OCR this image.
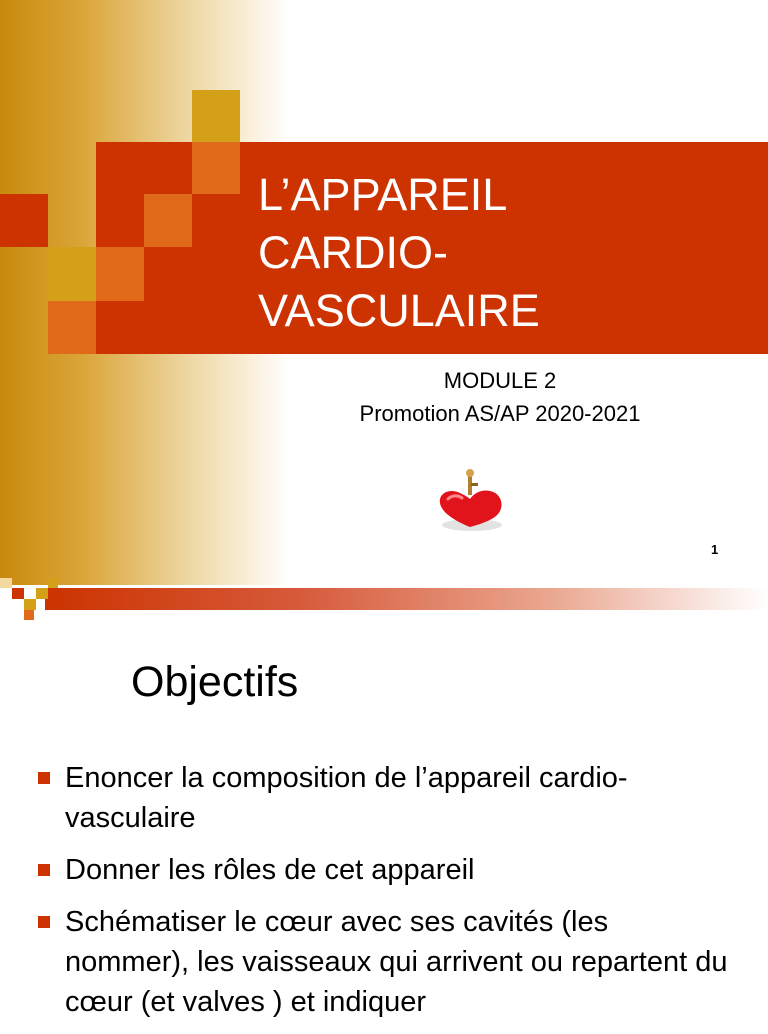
L’APPAREIL
CARDIO-
VASCULAIRE
MODULE 2
Promotion AS/AP 2020-2021
1
Objectifs
Enoncer la composition de l’appareil cardio-vasculaire
Donner les rôles de cet appareil
Schématiser le cœur avec ses cavités (les nommer), les vaisseaux qui arrivent ou repartent du cœur (et valves ) et indiquer
